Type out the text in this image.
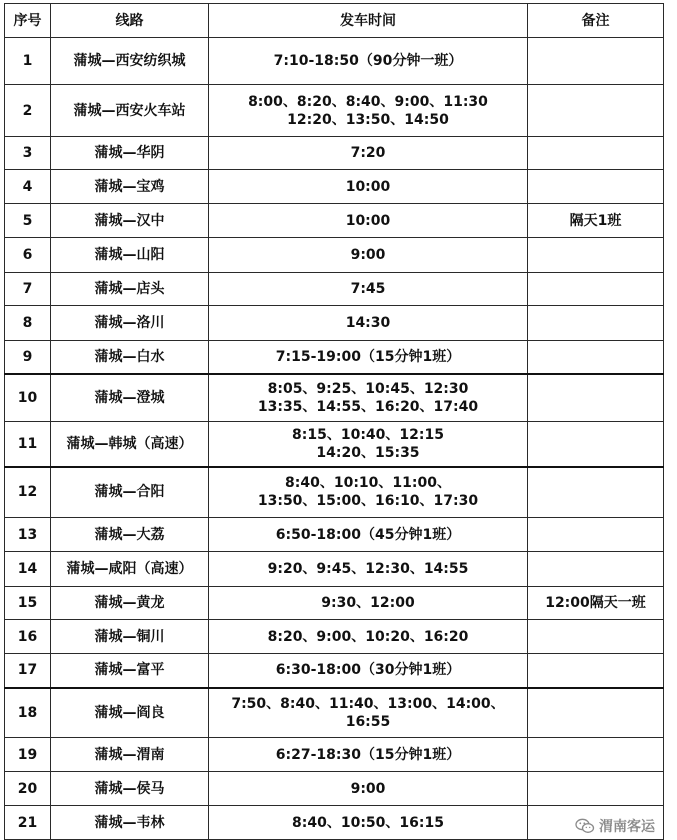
序号	线路	发车时间	备注
1	蒲城—西安纺织城	7:10-18:50（90分钟一班）	

2	蒲城—西安火车站	8:00、8:20、8:40、9:00、11:30
12:20、13:50、14:50	

3	蒲城—华阴	7:20	

4	蒲城—宝鸡	10:00	

5	蒲城—汉中	10:00	隔天1班
6	蒲城—山阳	9:00	

7	蒲城—店头	7:45	

8	蒲城—洛川	14:30	

9	蒲城—白水	7:15-19:00（15分钟1班）	

10	蒲城—澄城	8:05、9:25、10:45、12:30
13:35、14:55、16:20、17:40	

11	蒲城—韩城（高速）	8:15、10:40、12:15
14:20、15:35	

12	蒲城—合阳	8:40、10:10、11:00、
13:50、15:00、16:10、17:30	

13	蒲城—大荔	6:50-18:00（45分钟1班）	

14	蒲城—咸阳（高速）	9:20、9:45、12:30、14:55	

15	蒲城—黄龙	9:30、12:00	12:00隔天一班
16	蒲城—铜川	8:20、9:00、10:20、16:20	

17	蒲城—富平	6:30-18:00（30分钟1班）	

18	蒲城—阎良	7:50、8:40、11:40、13:00、14:00、
16:55	

19	蒲城—渭南	6:27-18:30（15分钟1班）	

20	蒲城—侯马	9:00	

21	蒲城—韦林	8:40、10:50、16:15	
		渭南客运
